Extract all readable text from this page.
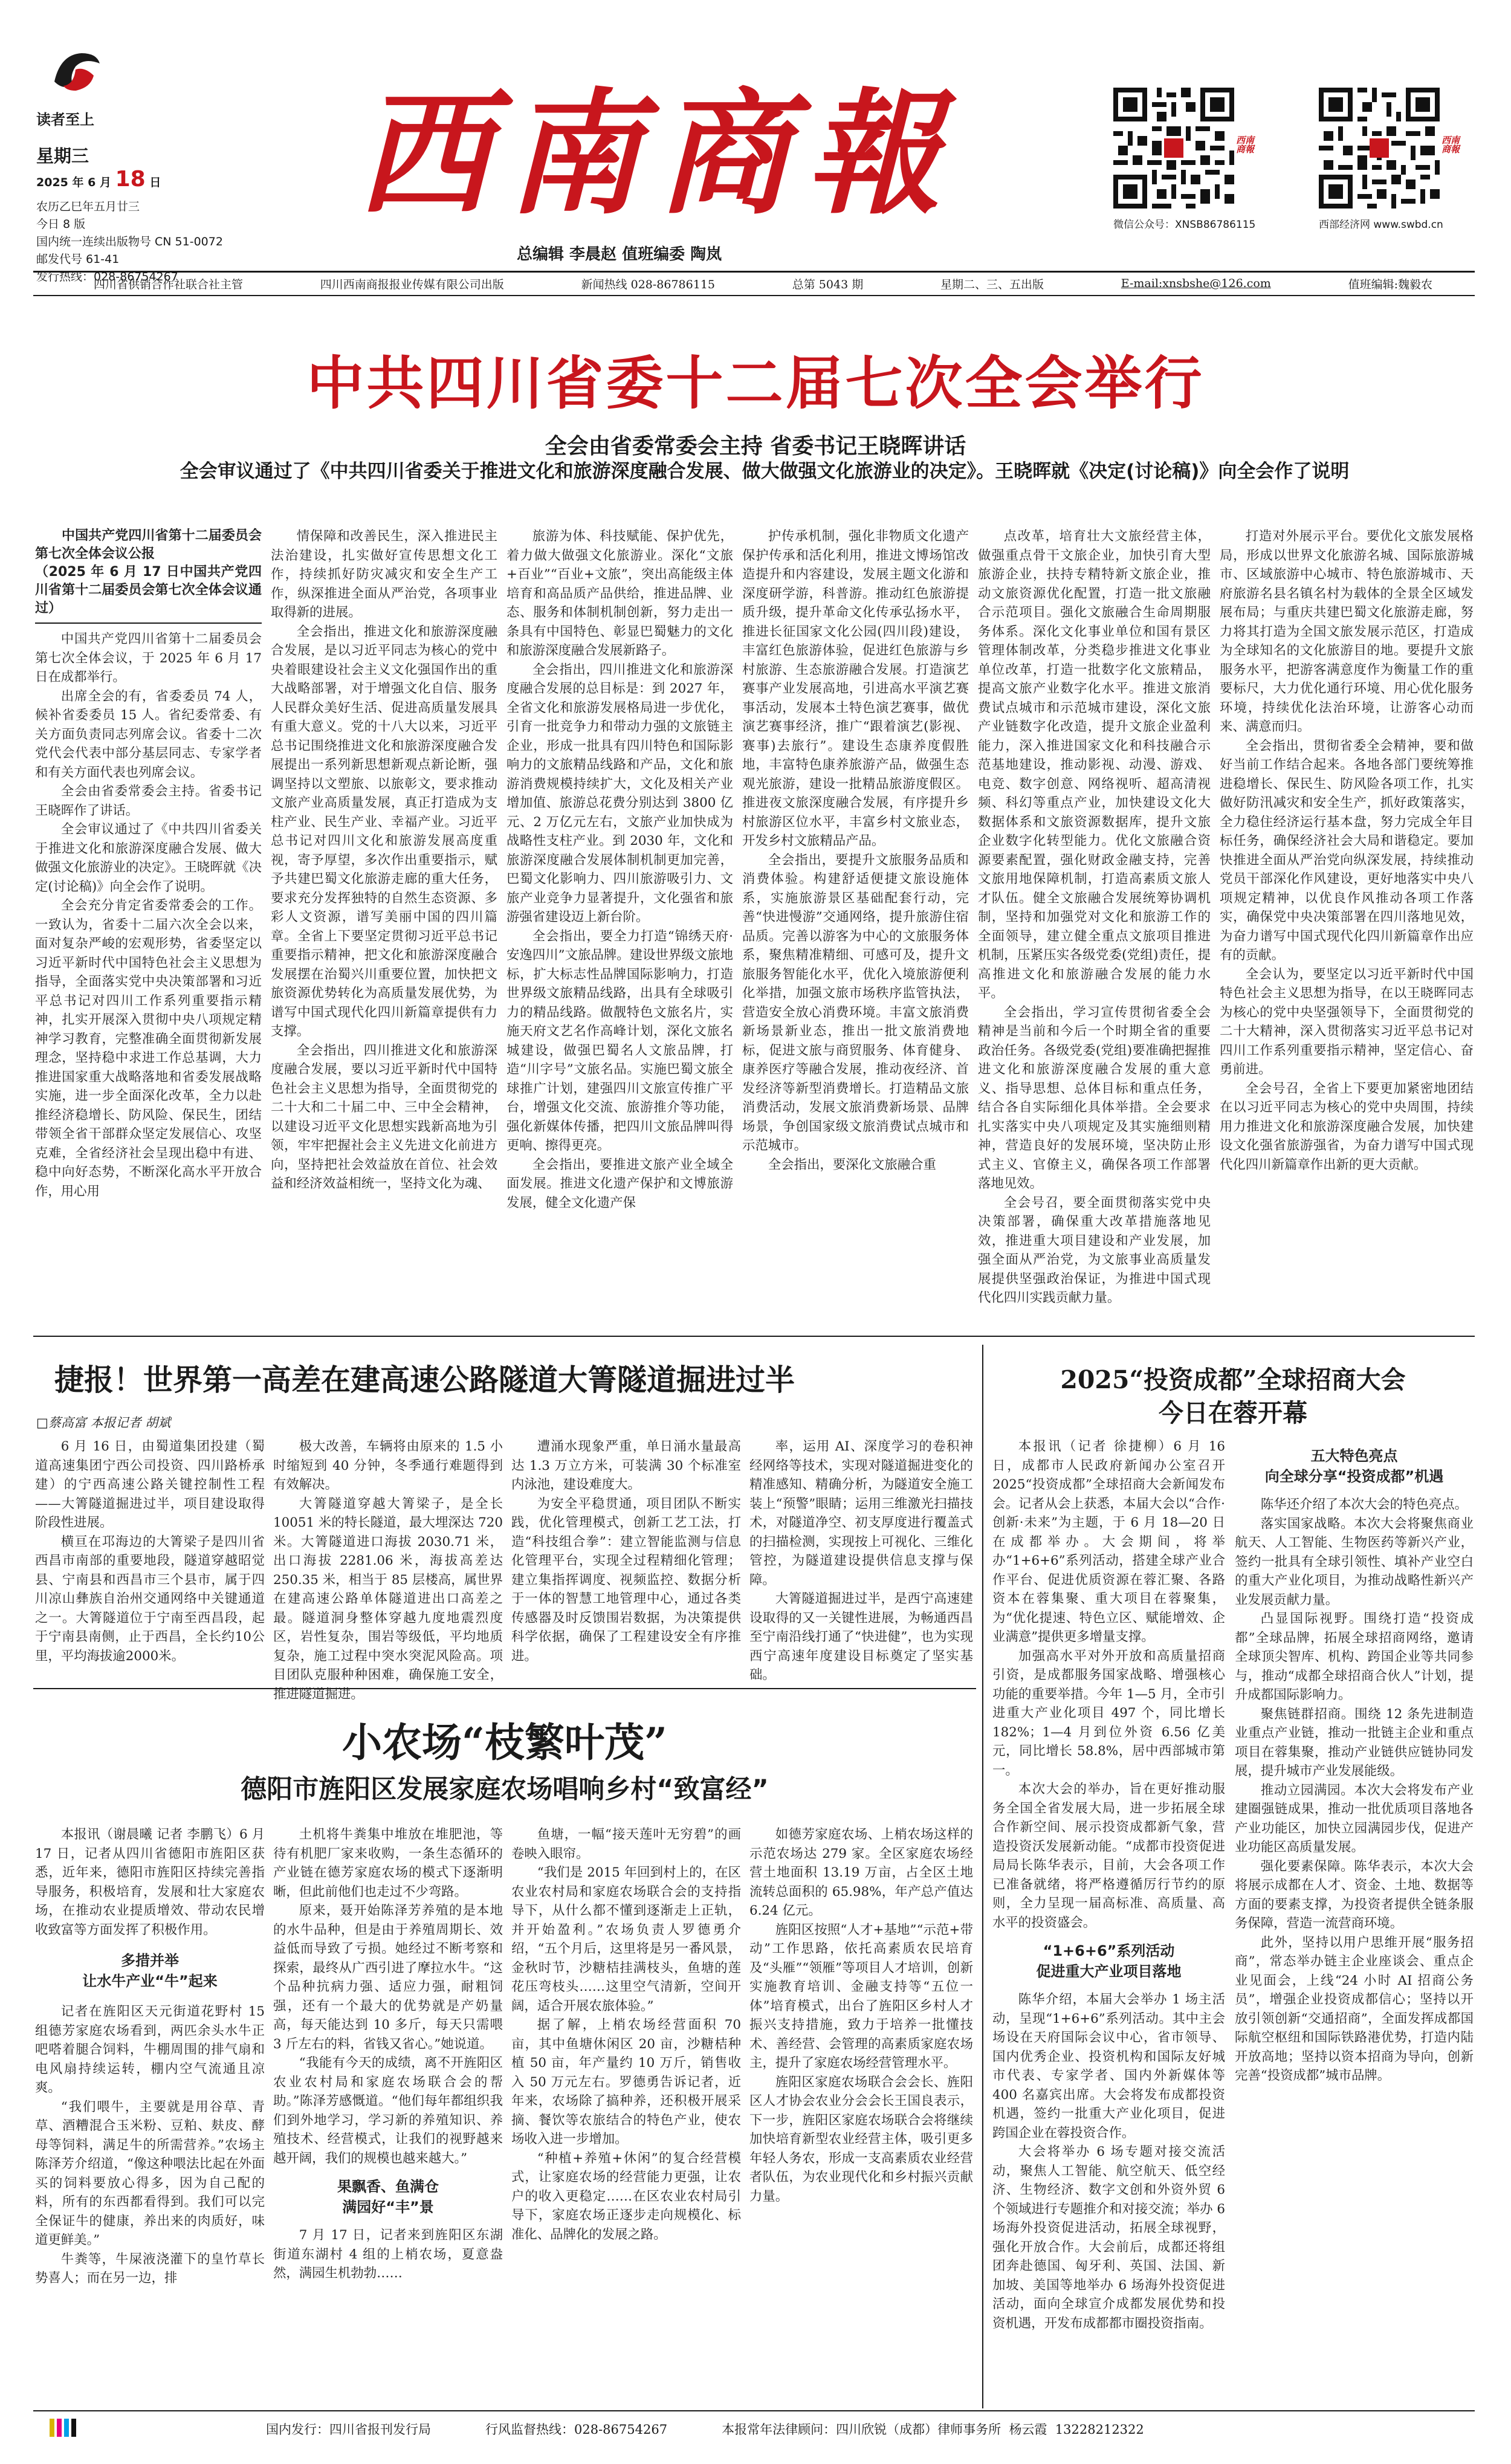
读者至上
星期三
2025 年 6 月 18 日
农历乙巳年五月廿三
今日 8 版
国内统一连续出版物号 CN 51-0072
邮发代号 61-41
发行热线：028-86754267
西南商報
总编辑 李晨赵 值班编委 陶岚
西南商報
微信公众号：XNSB86786115
西南商報
西部经济网 www.swbd.cn
四川省供销合作社联合社主管	四川西南商报报业传媒有限公司出版	新闻热线 028-86786115	总第 5043 期	星期二、三、五出版	E-mail:xnsbshe@126.com	值班编辑:魏毅农
中共四川省委十二届七次全会举行
全会由省委常委会主持 省委书记王晓晖讲话
全会审议通过了《中共四川省委关于推进文化和旅游深度融合发展、做大做强文化旅游业的决定》。王晓晖就《决定(讨论稿)》向全会作了说明
中国共产党四川省第十二届委员会第七次全体会议公报
（2025 年 6 月 17 日中国共产党四川省第十二届委员会第七次全体会议通过）

中国共产党四川省第十二届委员会第七次全体会议，于 2025 年 6 月 17 日在成都举行。

出席全会的有，省委委员 74 人，候补省委委员 15 人。省纪委常委、有关方面负责同志列席会议。省委十二次党代会代表中部分基层同志、专家学者和有关方面代表也列席会议。

全会由省委常委会主持。省委书记王晓晖作了讲话。

全会审议通过了《中共四川省委关于推进文化和旅游深度融合发展、做大做强文化旅游业的决定》。王晓晖就《决定(讨论稿)》向全会作了说明。

全会充分肯定省委常委会的工作。一致认为，省委十二届六次全会以来，面对复杂严峻的宏观形势，省委坚定以习近平新时代中国特色社会主义思想为指导，全面落实党中央决策部署和习近平总书记对四川工作系列重要指示精神，扎实开展深入贯彻中央八项规定精神学习教育，完整准确全面贯彻新发展理念，坚持稳中求进工作总基调，大力推进国家重大战略落地和省委发展战略实施，进一步全面深化改革，全力以赴推经济稳增长、防风险、保民生，团结带领全省干部群众坚定发展信心、攻坚克难，全省经济社会呈现出稳中有进、稳中向好态势，不断深化高水平开放合作，用心用

情保障和改善民生，深入推进民主法治建设，扎实做好宣传思想文化工作，持续抓好防灾减灾和安全生产工作，纵深推进全面从严治党，各项事业取得新的进展。

全会指出，推进文化和旅游深度融合发展，是以习近平同志为核心的党中央着眼建设社会主义文化强国作出的重大战略部署，对于增强文化自信、服务人民群众美好生活、促进高质量发展具有重大意义。党的十八大以来，习近平总书记围绕推进文化和旅游深度融合发展提出一系列新思想新观点新论断，强调坚持以文塑旅、以旅彰文，要求推动文旅产业高质量发展，真正打造成为支柱产业、民生产业、幸福产业。习近平总书记对四川文化和旅游发展高度重视，寄予厚望，多次作出重要指示，赋予共建巴蜀文化旅游走廊的重大任务，要求充分发挥独特的自然生态资源、多彩人文资源，谱写美丽中国的四川篇章。全省上下要坚定贯彻习近平总书记重要指示精神，把文化和旅游深度融合发展摆在治蜀兴川重要位置，加快把文旅资源优势转化为高质量发展优势，为谱写中国式现代化四川新篇章提供有力支撑。

全会指出，四川推进文化和旅游深度融合发展，要以习近平新时代中国特色社会主义思想为指导，全面贯彻党的二十大和二十届二中、三中全会精神，以建设习近平文化思想实践新高地为引领，牢牢把握社会主义先进文化前进方向，坚持把社会效益放在首位、社会效益和经济效益相统一，坚持文化为魂、

旅游为体、科技赋能、保护优先，着力做大做强文化旅游业。深化“文旅+百业”“百业+文旅”，突出高能级主体培育和高品质产品供给，推进品牌、业态、服务和体制机制创新，努力走出一条具有中国特色、彰显巴蜀魅力的文化和旅游深度融合发展新路子。

全会指出，四川推进文化和旅游深度融合发展的总目标是：到 2027 年，全省文化和旅游发展格局进一步优化，引育一批竞争力和带动力强的文旅链主企业，形成一批具有四川特色和国际影响力的文旅精品线路和产品，文化和旅游消费规模持续扩大，文化及相关产业增加值、旅游总花费分别达到 3800 亿元、2 万亿元左右，文旅产业加快成为战略性支柱产业。到 2030 年，文化和旅游深度融合发展体制机制更加完善，巴蜀文化影响力、四川旅游吸引力、文旅产业竞争力显著提升，文化强省和旅游强省建设迈上新台阶。

全会指出，要全力打造“锦绣天府·安逸四川”文旅品牌。建设世界级文旅地标，扩大标志性品牌国际影响力，打造世界级文旅精品线路，出具有全球吸引力的精品线路。做靓特色文旅名片，实施天府文艺名作高峰计划，深化文旅名城建设，做强巴蜀名人文旅品牌，打造“川字号”文旅名品。实施巴蜀文旅全球推广计划，建强四川文旅宣传推广平台，增强文化交流、旅游推介等功能，强化新媒体传播，把四川文旅品牌叫得更响、擦得更亮。

全会指出，要推进文旅产业全域全面发展。推进文化遗产保护和文博旅游发展，健全文化遗产保

护传承机制，强化非物质文化遗产保护传承和活化利用，推进文博场馆改造提升和内容建设，发展主题文化游和深度研学游，科普游。推动红色旅游提质升级，提升革命文化传承弘扬水平，推进长征国家文化公园(四川段)建设，丰富红色旅游体验，促进红色旅游与乡村旅游、生态旅游融合发展。打造演艺赛事产业发展高地，引进高水平演艺赛事活动，发展本土特色演艺赛事，做优演艺赛事经济，推广“跟着演艺(影视、赛事)去旅行”。建设生态康养度假胜地，丰富特色康养旅游产品，做强生态观光旅游，建设一批精品旅游度假区。推进夜文旅深度融合发展，有序提升乡村旅游区位水平，丰富乡村文旅业态，开发乡村文旅精品产品。

全会指出，要提升文旅服务品质和消费体验。构建舒适便捷文旅设施体系，实施旅游景区基础配套行动，完善“快进慢游”交通网络，提升旅游住宿品质。完善以游客为中心的文旅服务体系，聚焦精准精细、可感可及，提升文旅服务智能化水平，优化入境旅游便利化举措，加强文旅市场秩序监管执法，营造安全放心消费环境。丰富文旅消费新场景新业态，推出一批文旅消费地标，促进文旅与商贸服务、体育健身、康养医疗等融合发展，推动夜经济、首发经济等新型消费增长。打造精品文旅消费活动，发展文旅消费新场景、品牌场景，争创国家级文旅消费试点城市和示范城市。

全会指出，要深化文旅融合重

点改革，培育壮大文旅经营主体，做强重点骨干文旅企业，加快引育大型旅游企业，扶持专精特新文旅企业，推动文旅资源优化配置，打造一批文旅融合示范项目。强化文旅融合生命周期服务体系。深化文化事业单位和国有景区管理体制改革，分类稳步推进文化事业单位改革，打造一批数字化文旅精品，提高文旅产业数字化水平。推进文旅消费试点城市和示范城市建设，深化文旅产业链数字化改造，提升文旅企业盈利能力，深入推进国家文化和科技融合示范基地建设，推动影视、动漫、游戏、电竞、数字创意、网络视听、超高清视频、科幻等重点产业，加快建设文化大数据体系和文旅资源数据库，提升文旅企业数字化转型能力。优化文旅融合资源要素配置，强化财政金融支持，完善文旅用地保障机制，打造高素质文旅人才队伍。健全文旅融合发展统筹协调机制，坚持和加强党对文化和旅游工作的全面领导，建立健全重点文旅项目推进机制，压紧压实各级党委(党组)责任，提高推进文化和旅游融合发展的能力水平。

全会指出，学习宣传贯彻省委全会精神是当前和今后一个时期全省的重要政治任务。各级党委(党组)要准确把握推进文化和旅游深度融合发展的重大意义、指导思想、总体目标和重点任务，结合各自实际细化具体举措。全会要求扎实落实中央八项规定及其实施细则精神，营造良好的发展环境，坚决防止形式主义、官僚主义，确保各项工作部署落地见效。

全会号召，要全面贯彻落实党中央决策部署，确保重大改革措施落地见效，推进重大项目建设和产业发展，加强全面从严治党，为文旅事业高质量发展提供坚强政治保证，为推进中国式现代化四川实践贡献力量。

打造对外展示平台。要优化文旅发展格局，形成以世界文化旅游名城、国际旅游城市、区域旅游中心城市、特色旅游城市、天府旅游名县名镇名村为载体的全景全区域发展布局；与重庆共建巴蜀文化旅游走廊，努力将其打造为全国文旅发展示范区，打造成为全球知名的文化旅游目的地。要提升文旅服务水平，把游客满意度作为衡量工作的重要标尺，大力优化通行环境、用心优化服务环境，持续优化法治环境，让游客心动而来、满意而归。

全会指出，贯彻省委全会精神，要和做好当前工作结合起来。各地各部门要统筹推进稳增长、保民生、防风险各项工作，扎实做好防汛减灾和安全生产，抓好政策落实，全力稳住经济运行基本盘，努力完成全年目标任务，确保经济社会大局和谐稳定。要加快推进全面从严治党向纵深发展，持续推动党员干部深化作风建设，更好地落实中央八项规定精神，以优良作风推动各项工作落实，确保党中央决策部署在四川落地见效，为奋力谱写中国式现代化四川新篇章作出应有的贡献。

全会认为，要坚定以习近平新时代中国特色社会主义思想为指导，在以王晓晖同志为核心的党中央坚强领导下，全面贯彻党的二十大精神，深入贯彻落实习近平总书记对四川工作系列重要指示精神，坚定信心、奋勇前进。

全会号召，全省上下要更加紧密地团结在以习近平同志为核心的党中央周围，持续用力推进文化和旅游深度融合发展，加快建设文化强省旅游强省，为奋力谱写中国式现代化四川新篇章作出新的更大贡献。

捷报！世界第一高差在建高速公路隧道大箐隧道掘进过半
□蔡高富 本报记者 胡斌

6 月 16 日，由蜀道集团投建（蜀道高速集团宁西公司投资、四川路桥承建）的宁西高速公路关键控制性工程——大箐隧道掘进过半，项目建设取得阶段性进展。

横亘在邛海边的大箐梁子是四川省西昌市南部的重要地段，隧道穿越昭觉县、宁南县和西昌市三个县市，属于四川凉山彝族自治州交通网络中关键通道之一。大箐隧道位于宁南至西昌段，起于宁南县南侧，止于西昌，全长约10公里，平均海拔逾2000米。

极大改善，车辆将由原来的 1.5 小时缩短到 40 分钟，冬季通行难题得到有效解决。

大箐隧道穿越大箐梁子，是全长 10051 米的特长隧道，最大埋深达 720 米。大箐隧道进口海拔 2030.71 米，出口海拔 2281.06 米，海拔高差达 250.35 米，相当于 85 层楼高，属世界在建高速公路单体隧道进出口高差之最。隧道洞身整体穿越九度地震烈度区，岩性复杂，围岩等级低，平均地质复杂，施工过程中突水突泥风险高。项目团队克服种种困难，确保施工安全，推进隧道掘进。

遭涌水现象严重，单日涌水量最高达 1.3 万立方米，可装满 30 个标准室内泳池，建设难度大。

为安全平稳贯通，项目团队不断实践，优化管理模式，创新工艺工法，打造“科技组合拳”：建立智能监测与信息化管理平台，实现全过程精细化管理；建立集指挥调度、视频监控、数据分析于一体的智慧工地管理中心，通过各类传感器及时反馈围岩数据，为决策提供科学依据，确保了工程建设安全有序推进。

率，运用 AI、深度学习的卷积神经网络等技术，实现对隧道掘进变化的精准感知、精确分析，为隧道安全施工装上“预警”眼睛；运用三维激光扫描技术，对隧道净空、初支厚度进行覆盖式的扫描检测，实现按上可视化、三维化管控，为隧道建设提供信息支撑与保障。

大箐隧道掘进过半，是西宁高速建设取得的又一关键性进展，为畅通西昌至宁南沿线打通了“快进健”，也为实现西宁高速年度建设目标奠定了坚实基础。

2025“投资成都”全球招商大会
今日在蓉开幕

本报讯（记者 徐捷柳）6 月 16 日，成都市人民政府新闻办公室召开 2025“投资成都”全球招商大会新闻发布会。记者从会上获悉，本届大会以“合作·创新·未来”为主题，于 6 月 18—20 日在成都举办。大会期间，将举办“1+6+6”系列活动，搭建全球产业合作平台、促进优质资源在蓉汇聚、各路资本在蓉集聚、重大项目在蓉聚集，为“优化提速、特色立区、赋能增效、企业满意”提供更多增量支撑。

加强高水平对外开放和高质量招商引资，是成都服务国家战略、增强核心功能的重要举措。今年 1—5 月，全市引进重大产业化项目 497 个，同比增长 182%；1—4 月到位外资 6.56 亿美元，同比增长 58.8%，居中西部城市第一。

本次大会的举办，旨在更好推动服务全国全省发展大局，进一步拓展全球合作新空间、展示投资成都新气象，营造投资沃发展新动能。“成都市投资促进局局长陈华表示，目前，大会各项工作已准备就绪，将严格遵循厉行节约的原则，全力呈现一届高标准、高质量、高水平的投资盛会。

“1+6+6”系列活动
促进重大产业项目落地

陈华介绍，本届大会举办 1 场主活动，呈现“1+6+6”系列活动。其中主会场设在天府国际会议中心，省市领导、国内优秀企业、投资机构和国际友好城市代表、专家学者、国内外新媒体等 400 名嘉宾出席。大会将发布成都投资机遇，签约一批重大产业化项目，促进跨国企业在蓉投资合作。

大会将举办 6 场专题对接交流活动，聚焦人工智能、航空航天、低空经济、生物经济、数字文创和外资外贸 6 个领域进行专题推介和对接交流；举办 6 场海外投资促进活动，拓展全球视野，强化开放合作。大会前后，成都还将组团奔赴德国、匈牙利、英国、法国、新加坡、美国等地举办 6 场海外投资促进活动，面向全球宣介成都发展优势和投资机遇，开发布成都都市圈投资指南。

五大特色亮点
向全球分享“投资成都”机遇

陈华还介绍了本次大会的特色亮点。

落实国家战略。本次大会将聚焦商业航天、人工智能、生物医药等新兴产业，签约一批具有全球引领性、填补产业空白的重大产业化项目，为推动战略性新兴产业发展贡献力量。

凸显国际视野。围绕打造“投资成都”全球品牌，拓展全球招商网络，邀请全球顶尖智库、机构、跨国企业等共同参与，推动“成都全球招商合伙人”计划，提升成都国际影响力。

聚焦链群招商。围绕 12 条先进制造业重点产业链，推动一批链主企业和重点项目在蓉集聚，推动产业链供应链协同发展，提升城市产业发展能级。

推动立园满园。本次大会将发布产业建圈强链成果，推动一批优质项目落地各产业功能区，加快立园满园步伐，促进产业功能区高质量发展。

强化要素保障。陈华表示，本次大会将展示成都在人才、资金、土地、数据等方面的要素支撑，为投资者提供全链条服务保障，营造一流营商环境。

此外，坚持以用户思维开展“服务招商”，常态举办链主企业座谈会、重点企业见面会，上线“24 小时 AI 招商公务员”，增强企业投资成都信心；坚持以开放引领创新“交通招商”，全面发挥成都国际航空枢纽和国际铁路港优势，打造内陆开放高地；坚持以资本招商为导向，创新完善“投资成都”城市品牌。

小农场“枝繁叶茂”
德阳市旌阳区发展家庭农场唱响乡村“致富经”

本报讯（谢晨曦 记者 李鹏飞）6 月 17 日，记者从四川省德阳市旌阳区获悉，近年来，德阳市旌阳区持续完善指导服务，积极培育，发展和壮大家庭农场，在推动农业提质增效、带动农民增收致富等方面发挥了积极作用。

多措并举
让水牛产业“牛”起来

记者在旌阳区天元街道花野村 15 组德芳家庭农场看到，两匹余头水牛正吧嗒着腿合饲料，牛棚周围的排气扇和电风扇持续运转，棚内空气流通且凉爽。

“我们喂牛，主要就是用谷草、青草、酒糟混合玉米粉、豆粕、麸皮、酵母等饲料，满足牛的所需营养。”农场主陈泽芳介绍道，“像这种喂法比起在外面买的饲料要放心得多，因为自己配的料，所有的东西都看得到。我们可以完全保证牛的健康，养出来的肉质好，味道更鲜美。”

牛粪等，牛屎液浇灌下的皇竹草长势喜人；而在另一边，排

土机将牛粪集中堆放在堆肥池，等待有机肥厂家来收购，一条生态循环的产业链在德芳家庭农场的模式下逐渐明晰，但此前他们也走过不少弯路。

原来，聂开始陈泽芳养殖的是本地的水牛品种，但是由于养殖周期长、效益低而导致了亏损。她经过不断考察和探索，最终从广西引进了摩拉水牛。“这个品种抗病力强、适应力强，耐粗饲强，还有一个最大的优势就是产奶量高，每天能达到 10 多斤，每天只需喂 3 斤左右的料，省钱又省心。”她说道。

“我能有今天的成绩，离不开旌阳区农业农村局和家庭农场联合会的帮助。”陈泽芳感慨道。“他们每年都组织我们到外地学习，学习新的养殖知识、养殖技术、经营模式，让我们的视野越来越开阔，我们的规模也越来越大。”

果飘香、鱼满仓
满园好“丰”景

7 月 17 日，记者来到旌阳区东湖街道东湖村 4 组的上梢农场，夏意盎然，满园生机勃勃……

鱼塘，一幅“接天莲叶无穷碧”的画卷映入眼帘。

“我们是 2015 年回到村上的，在区农业农村局和家庭农场联合会的支持指导下，从什么都不懂到逐渐走上正轨，并开始盈利。”农场负责人罗德勇介绍，“五个月后，这里将是另一番风景，金秋时节，沙糖桔挂满枝头，鱼塘的莲花压弯枝头……这里空气清新，空间开阔，适合开展农旅体验。”

据了解，上梢农场经营面积 70 亩，其中鱼塘休闲区 20 亩，沙糖桔种植 50 亩，年产量约 10 万斤，销售收入 50 万元左右。罗德勇告诉记者，近年来，农场除了搞种养，还积极开展采摘、餐饮等农旅结合的特色产业，使农场收入进一步增加。

“种植+养殖+休闲”的复合经营模式，让家庭农场的经营能力更强，让农户的收入更稳定……在区农业农村局引导下，家庭农场正逐步走向规模化、标准化、品牌化的发展之路。

如德芳家庭农场、上梢农场这样的示范农场达 279 家。全区家庭农场经营土地面积 13.19 万亩，占全区土地流转总面积的 65.98%，年产总产值达 6.24 亿元。

旌阳区按照“人才+基地”“示范+带动”工作思路，依托高素质农民培育及“头雁”“领雁”等项目人才培训，创新实施教育培训、金融支持等“五位一体”培育模式，出台了旌阳区乡村人才振兴支持措施，致力于培养一批懂技术、善经营、会管理的高素质家庭农场主，提升了家庭农场经营管理水平。

旌阳区家庭农场联合会会长、旌阳区人才协会农业分会会长王国良表示，下一步，旌阳区家庭农场联合会将继续加快培育新型农业经营主体，吸引更多年轻人务农，形成一支高素质农业经营者队伍，为农业现代化和乡村振兴贡献力量。

国内发行：四川省报刊发行局	行风监督热线：028-86754267	本报常年法律顾问：四川欣锐（成都）律师事务所 杨云霞 13228212322
